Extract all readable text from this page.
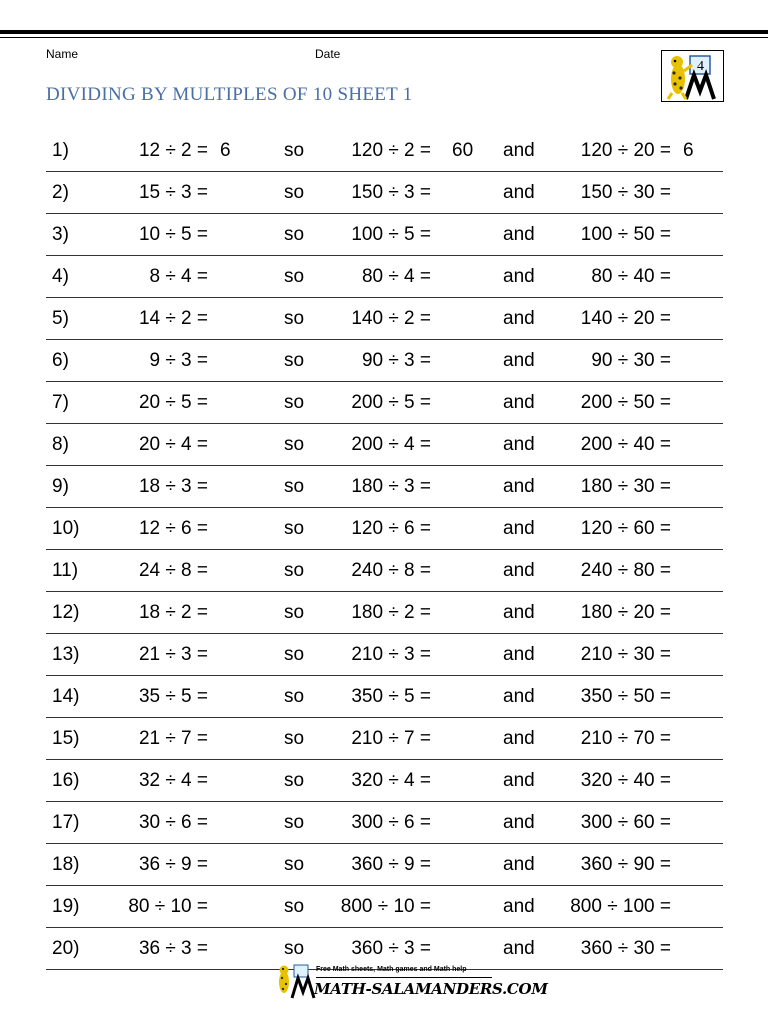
Name	Date
DIVIDING BY MULTIPLES OF 10 SHEET 1
4
1)	12 ÷ 2 = 6	so 120 ÷ 2 = 60 and 120 ÷ 20 = 6
2)	15 ÷ 3 =	so 150 ÷ 3 =	and 150 ÷ 30 =
3)	10 ÷ 5 =	so 100 ÷ 5 =	and 100 ÷ 50 =
4)	8 ÷ 4 =	so	80 ÷ 4 =	and	80 ÷ 40 =
5)	14 ÷ 2 =	so 140 ÷ 2 =	and 140 ÷ 20 =
6)	9 ÷ 3 =	so	90 ÷ 3 =	and	90 ÷ 30 =
7)	20 ÷ 5 =	so 200 ÷ 5 =	and 200 ÷ 50 =
8)	20 ÷ 4 =	so 200 ÷ 4 =	and 200 ÷ 40 =
9)	18 ÷ 3 =	so 180 ÷ 3 =	and 180 ÷ 30 =
10)	12 ÷ 6 =	so 120 ÷ 6 =	and 120 ÷ 60 =
11)	24 ÷ 8 =	so 240 ÷ 8 =	and 240 ÷ 80 =
12)	18 ÷ 2 =	so 180 ÷ 2 =	and 180 ÷ 20 =
13)	21 ÷ 3 =	so 210 ÷ 3 =	and 210 ÷ 30 =
14)	35 ÷ 5 =	so 350 ÷ 5 =	and 350 ÷ 50 =
15)	21 ÷ 7 =	so 210 ÷ 7 =	and 210 ÷ 70 =
16)	32 ÷ 4 =	so 320 ÷ 4 =	and 320 ÷ 40 =
17)	30 ÷ 6 =	so 300 ÷ 6 =	and 300 ÷ 60 =
18)	36 ÷ 9 =	so 360 ÷ 9 =	and 360 ÷ 90 =
19)	80 ÷ 10 =	so 800 ÷ 10 =	and 800 ÷ 100 =
20)	36 ÷ 3 =	so 360 ÷ 3 =	and 360 ÷ 30 =
Free Math sheets, Math games and Math help
MATH-SALAMANDERS.COM
